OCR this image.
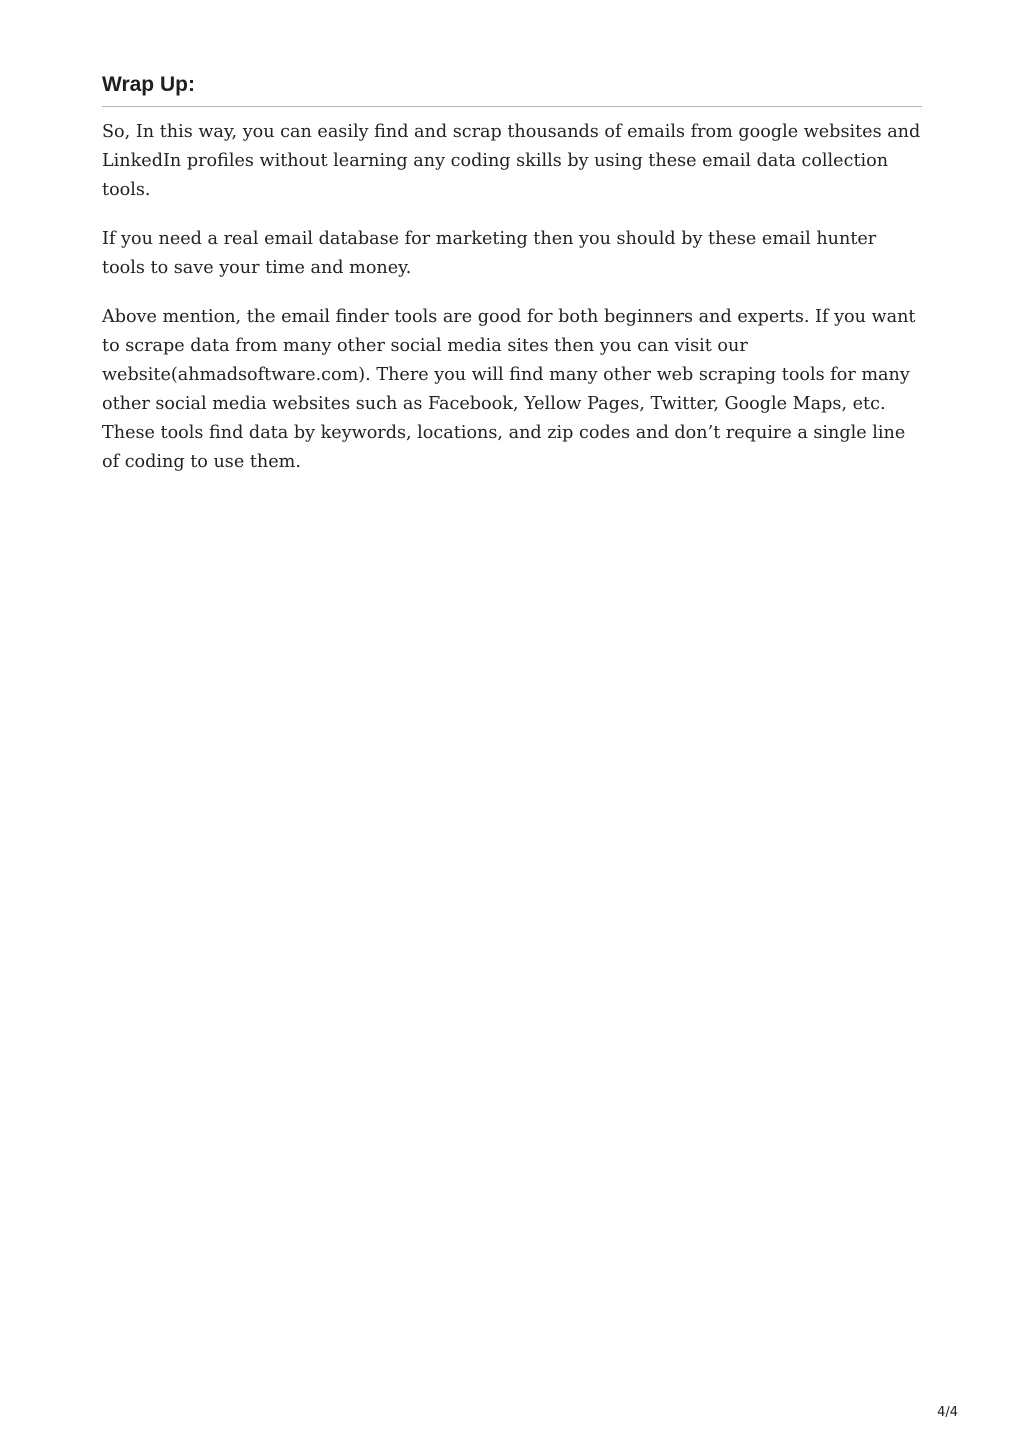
Wrap Up:

So, In this way, you can easily find and scrap thousands of emails from google websites and LinkedIn profiles without learning any coding skills by using these email data collection tools.

If you need a real email database for marketing then you should by these email hunter tools to save your time and money.

Above mention, the email finder tools are good for both beginners and experts. If you want to scrape data from many other social media sites then you can visit our website(ahmadsoftware.com). There you will find many other web scraping tools for many other social media websites such as Facebook, Yellow Pages, Twitter, Google Maps, etc. These tools find data by keywords, locations, and zip codes and don’t require a single line of coding to use them.

4/4
